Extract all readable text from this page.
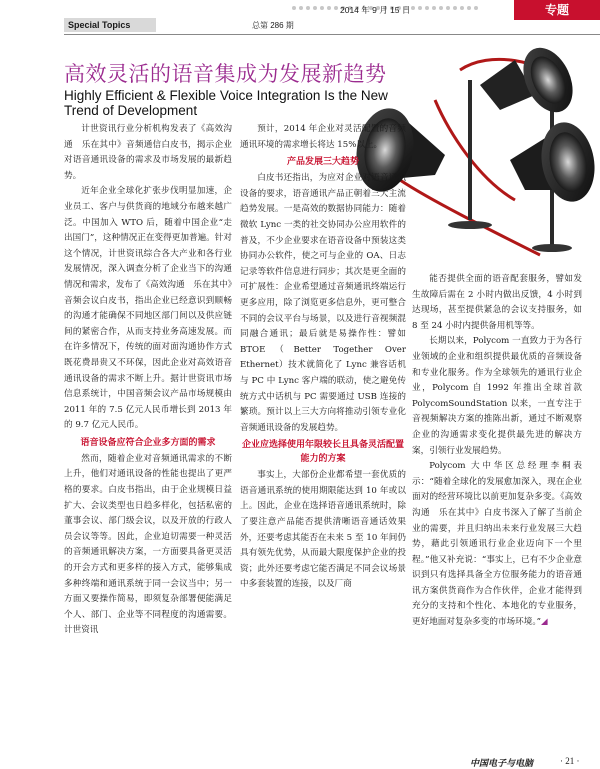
Special Topics
2014 年 9 月 15 日
总第 286 期
专题
高效灵活的语音集成为发展新趋势

Highly Efficient & Flexible Voice Integration Is the New Trend of Development

计世资讯行业分析机构发表了《高效沟通　乐在其中》音频通信白皮书，揭示企业对语音通讯设备的需求及市场发展的最新趋势。

近年企业全球化扩张步伐明显加速，企业员工、客户与供货商的地域分布越来越广泛。中国加入 WTO 后，随着中国企业“走出国门”，这种情况正在变得更加普遍。针对这个情况，计世资讯综合各大产业和各行业发展情况，深入调查分析了企业当下的沟通情况和需求，发布了《高效沟通　乐在其中》音频会议白皮书，指出企业已经意识到顺畅的沟通才能确保不同地区部门间以及供应链间的紧密合作，从而支持业务高速发展。而在许多情况下，传统的面对面沟通协作方式既花费昂贵又不环保，因此企业对高效语音通讯设备的需求不断上升。据计世资讯市场信息系统计，中国音频会议产品市场规模由 2011 年的 7.5 亿元人民币增长到 2013 年的 9.7 亿元人民币。

语音设备应符合企业多方面的需求

然而，随着企业对音频通讯需求的不断上升，他们对通讯设备的性能也提出了更严格的要求。白皮书指出，由于企业规模日益扩大、会议类型也日趋多样化，包括私密的董事会议、部门级会议，以及开放的行政人员会议等等。因此，企业迫切需要一种灵活的音频通讯解决方案，一方面要具备更灵活的开会方式和更多样的接入方式，能够集成多种终端和通讯系统于同一会议当中；另一方面又要操作简易，即须复杂部署便能满足个人、部门、企业等不同程度的沟通需要。计世资讯

预计，2014 年企业对灵活配置的音频通讯环境的需求增长将达 15%以上。

产品发展三大趋势

白皮书还指出，为应对企业对语音通讯设备的要求，语音通讯产品正朝着三大主流趋势发展。一是高效的数据协同能力：随着微软 Lync 一类的社交协同办公应用软件的普及，不少企业要求在语音设备中预装这类协同办公软件，使之可与企业的 OA、日志记录等软件信息进行同步；其次是更全面的可扩展性：企业希望通过音频通讯终端运行更多应用，除了浏览更多信息外，更可整合不同的会议平台与场景，以及进行音视频混同融合通讯；最后就是易操作性：譬如 BTOE（Better Together Over Ethernet）技术就简化了 Lync 兼容话机与 PC 中 Lync 客户端的联动，使之避免传统方式中话机与 PC 需要通过 USB 连接的繁琐。预计以上三大方向将推动引领专业化音频通讯设备的发展趋势。

企业应选择使用年限较长且具备灵活配置能力的方案

事实上，大部份企业都希望一套优质的语音通讯系统的使用期限能达到 10 年或以上。因此，企业在选择语音通讯系统时，除了要注意产品能否提供清晰语音通话效果外，还要考虑其能否在未来 5 至 10 年间仍具有领先优势，从而最大限度保护企业的投资；此外还要考虑它能否满足不同会议场景中多套装置的连接，以及厂商

能否提供全面的语音配套服务，譬如发生故障后需在 2 小时内做出反馈，4 小时到达现场，甚至提供紧急的会议支持服务，如 8 至 24 小时内提供备用机等等。

长期以来，Polycom 一直致力于为各行业领域的企业和组织提供最优质的音频设备和专业化服务。作为全球领先的通讯行业企业，Polycom 自 1992 年推出全球首款 PolycomSoundStation 以来，一直专注于音视频解决方案的推陈出新，通过不断观察企业的沟通需求变化提供最先进的解决方案，引领行业发展趋势。

Polycom 大中华区总经理李桐表示：“随着全球化的发展愈加深入，现在企业面对的经营环境比以前更加复杂多变。《高效沟通　乐在其中》白皮书深入了解了当前企业的需要，并且归纳出未来行业发展三大趋势，藉此引领通讯行业企业迈向下一个里程。”他又补充说：“事实上，已有不少企业意识到只有选择具备全方位服务能力的语音通讯方案供货商作为合作伙伴，企业才能得到充分的支持和个性化、本地化的专业服务，更好地面对复杂多变的市场环境。”◢

中国电子与电脑	· 21 ·
